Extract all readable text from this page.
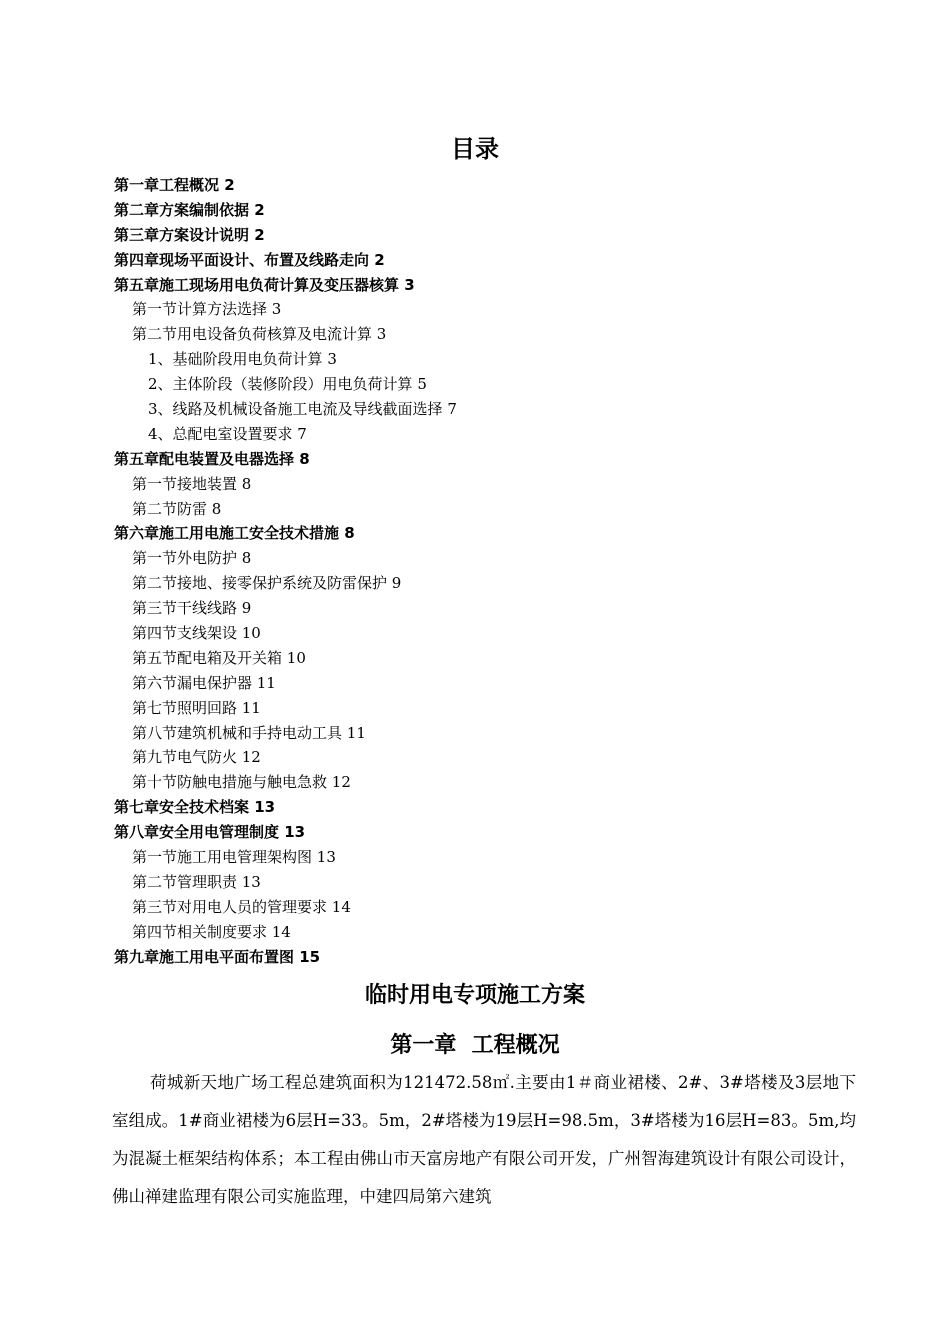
目录
第一章工程概况 2
第二章方案编制依据 2
第三章方案设计说明 2
第四章现场平面设计、布置及线路走向 2
第五章施工现场用电负荷计算及变压器核算 3
第一节计算方法选择 3
第二节用电设备负荷核算及电流计算 3
1、基础阶段用电负荷计算 3
2、主体阶段（装修阶段）用电负荷计算 5
3、线路及机械设备施工电流及导线截面选择 7
4、总配电室设置要求 7
第五章配电装置及电器选择 8
第一节接地装置 8
第二节防雷 8
第六章施工用电施工安全技术措施 8
第一节外电防护 8
第二节接地、接零保护系统及防雷保护 9
第三节干线线路 9
第四节支线架设 10
第五节配电箱及开关箱 10
第六节漏电保护器 11
第七节照明回路 11
第八节建筑机械和手持电动工具 11
第九节电气防火 12
第十节防触电措施与触电急救 12
第七章安全技术档案 13
第八章安全用电管理制度 13
第一节施工用电管理架构图 13
第二节管理职责 13
第三节对用电人员的管理要求 14
第四节相关制度要求 14
第九章施工用电平面布置图 15
临时用电专项施工方案
第一章  工程概况

荷城新天地广场工程总建筑面积为121472.58㎡.主要由1＃商业裙楼、2#、3#塔楼及3层地下室组成。1#商业裙楼为6层H=33。5m，2#塔楼为19层H=98.5m，3#塔楼为16层H=83。5m,均为混凝土框架结构体系；本工程由佛山市天富房地产有限公司开发，广州智海建筑设计有限公司设计，佛山禅建监理有限公司实施监理，中建四局第六建筑
